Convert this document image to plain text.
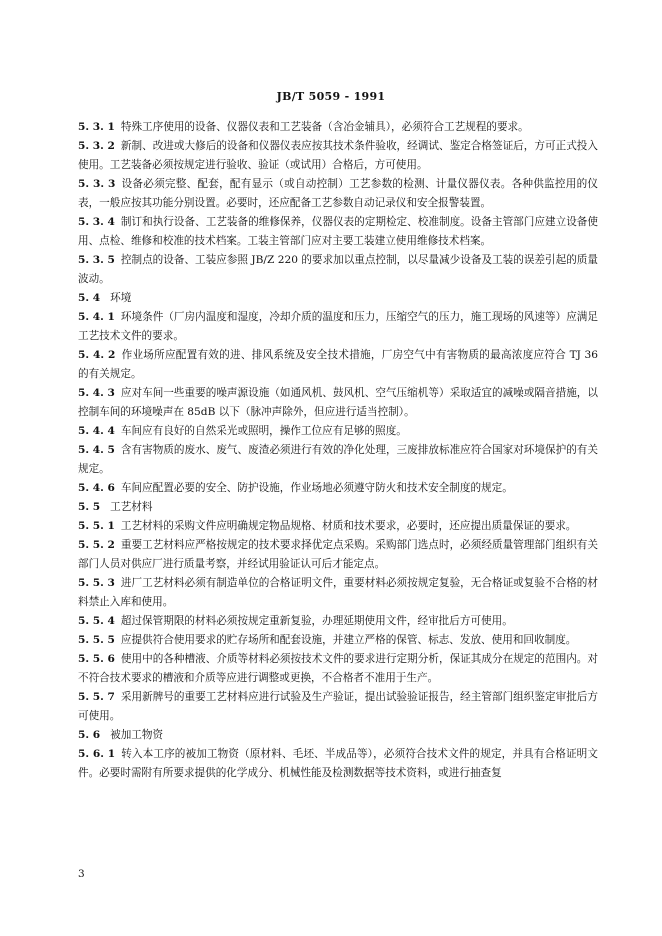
JB/T 5059 - 1991

5. 3. 1 特殊工序使用的设备、仪器仪表和工艺装备（含冶金辅具），必须符合工艺规程的要求。

5. 3. 2 新制、改进或大修后的设备和仪器仪表应按其技术条件验收，经调试、鉴定合格签证后，方可正式投入使用。工艺装备必须按规定进行验收、验证（或试用）合格后，方可使用。

5. 3. 3 设备必须完整、配套，配有显示（或自动控制）工艺参数的检测、计量仪器仪表。各种供监控用的仪表，一般应按其功能分别设置。必要时，还应配备工艺参数自动记录仪和安全报警装置。

5. 3. 4 制订和执行设备、工艺装备的维修保养，仪器仪表的定期检定、校准制度。设备主管部门应建立设备使用、点检、维修和校准的技术档案。工装主管部门应对主要工装建立使用维修技术档案。

5. 3. 5 控制点的设备、工装应参照 JB/Z 220 的要求加以重点控制，以尽量减少设备及工装的误差引起的质量波动。

5. 4 环境

5. 4. 1 环境条件（厂房内温度和湿度，冷却介质的温度和压力，压缩空气的压力，施工现场的风速等）应满足工艺技术文件的要求。

5. 4. 2 作业场所应配置有效的进、排风系统及安全技术措施，厂房空气中有害物质的最高浓度应符合 TJ 36 的有关规定。

5. 4. 3 应对车间一些重要的噪声源设施（如通风机、鼓风机、空气压缩机等）采取适宜的减噪或隔音措施，以控制车间的环境噪声在 85dB 以下（脉冲声除外，但应进行适当控制）。

5. 4. 4 车间应有良好的自然采光或照明，操作工位应有足够的照度。

5. 4. 5 含有害物质的废水、废气、废渣必须进行有效的净化处理，三废排放标准应符合国家对环境保护的有关规定。

5. 4. 6 车间应配置必要的安全、防护设施，作业场地必须遵守防火和技术安全制度的规定。

5. 5 工艺材料

5. 5. 1 工艺材料的采购文件应明确规定物品规格、材质和技术要求，必要时，还应提出质量保证的要求。

5. 5. 2 重要工艺材料应严格按规定的技术要求择优定点采购。采购部门选点时，必须经质量管理部门组织有关部门人员对供应厂进行质量考察，并经试用验证认可后才能定点。

5. 5. 3 进厂工艺材料必须有制造单位的合格证明文件，重要材料必须按规定复验，无合格证或复验不合格的材料禁止入库和使用。

5. 5. 4 超过保管期限的材料必须按规定重新复验，办理延期使用文件，经审批后方可使用。

5. 5. 5 应提供符合使用要求的贮存场所和配套设施，并建立严格的保管、标志、发放、使用和回收制度。

5. 5. 6 使用中的各种槽液、介质等材料必须按技术文件的要求进行定期分析，保证其成分在规定的范围内。对不符合技术要求的槽液和介质等应进行调整或更换，不合格者不准用于生产。

5. 5. 7 采用新牌号的重要工艺材料应进行试验及生产验证，提出试验验证报告，经主管部门组织鉴定审批后方可使用。

5. 6 被加工物资

5. 6. 1 转入本工序的被加工物资（原材料、毛坯、半成品等），必须符合技术文件的规定，并具有合格证明文件。必要时需附有所要求提供的化学成分、机械性能及检测数据等技术资料，或进行抽查复

3
